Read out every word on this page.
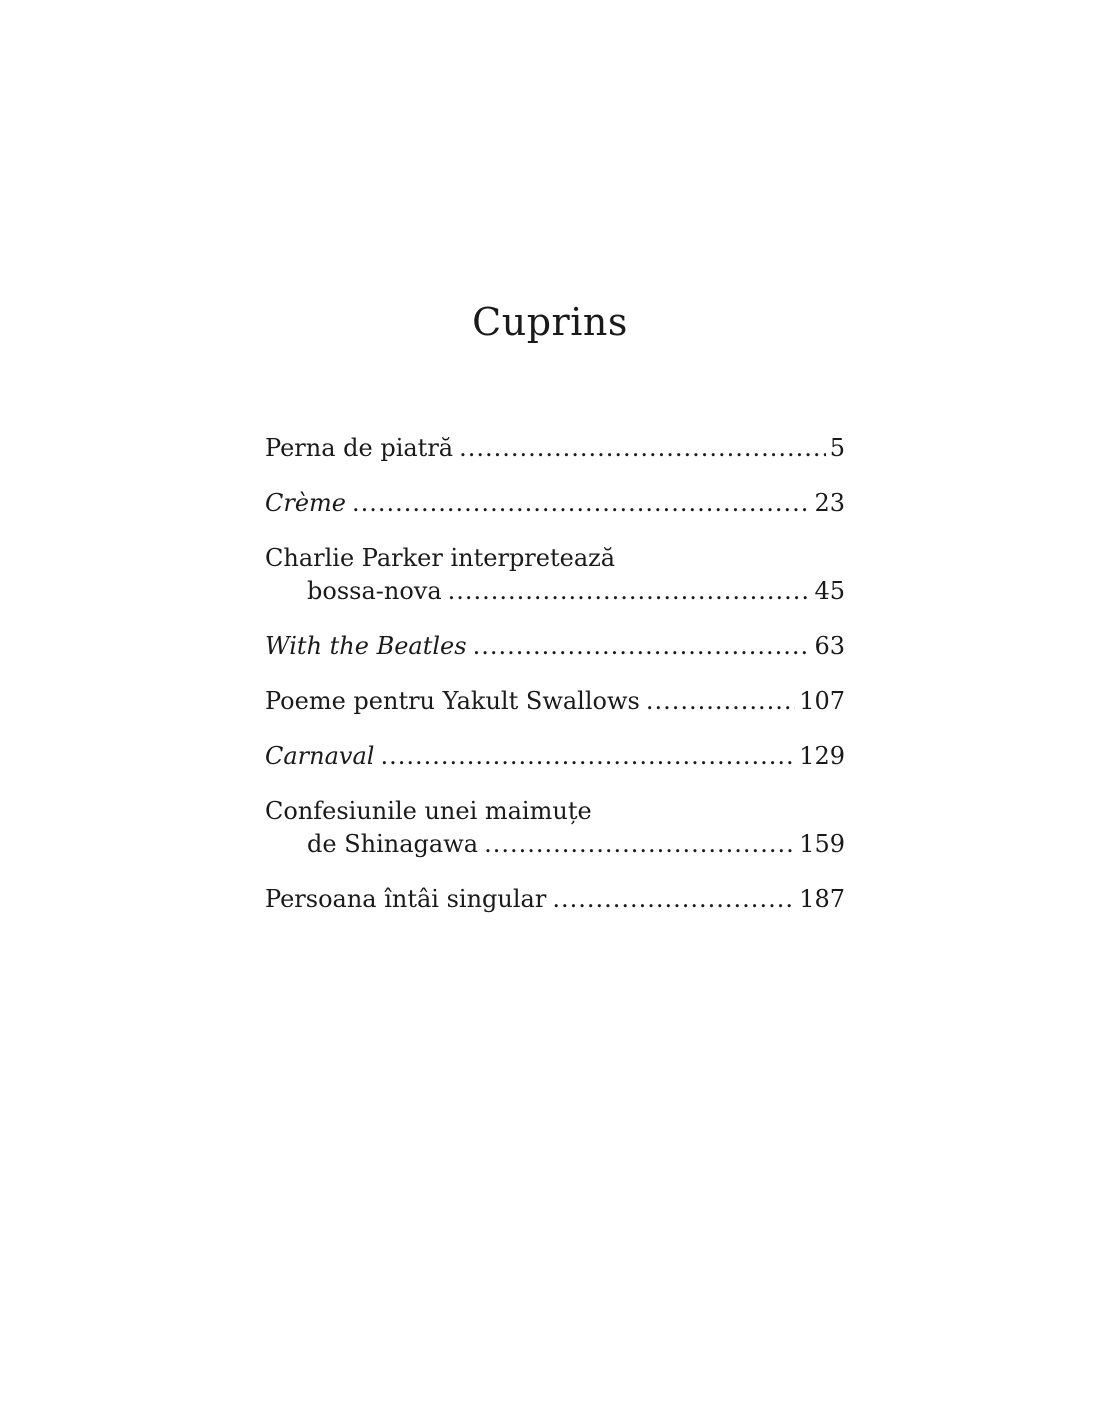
Cuprins
Perna de piatră .....	5
Crème .....	23
Charlie Parker interpretează
bossa-nova .....	45
With the Beatles .....	63
Poeme pentru Yakult Swallows .....	107
Carnaval .....	129
Confesiunile unei maimuțe
de Shinagawa .....	159
Persoana întâi singular .....	187
